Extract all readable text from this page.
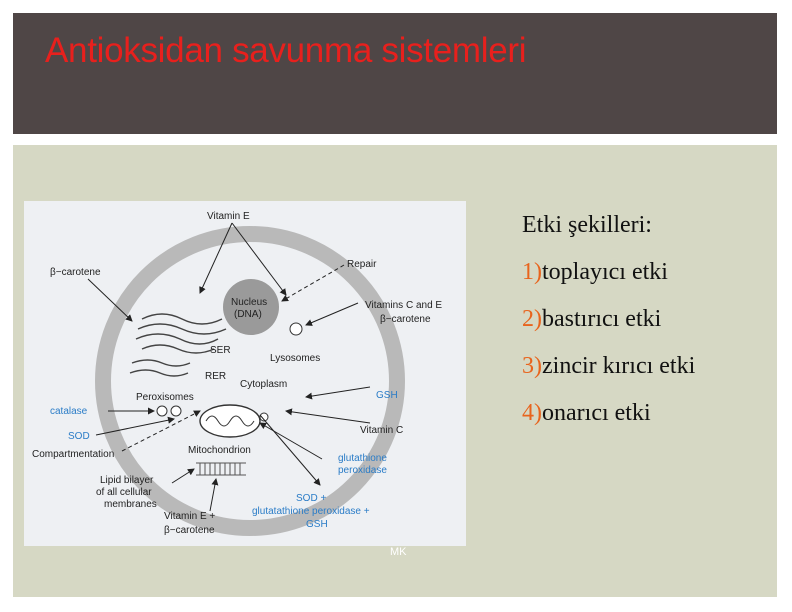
Antioksidan savunma sistemleri
Vitamin E
β−carotene
Repair
Nucleus
(DNA)
Vitamins C and E
β−carotene
SER
Lysosomes
RER
Cytoplasm
Peroxisomes	GSH
catalase
SOD
Vitamin C
Compartmentation	Mitochondrion
glutathione
peroxidase
Lipid bilayer
of all cellular
membranes
SOD +
glutatathione peroxidase +
GSH
Vitamin E +
β−carotene
MK

Etki şekilleri:

1)toplayıcı etki
2)bastırıcı etki
3)zincir kırıcı etki
4)onarıcı etki
